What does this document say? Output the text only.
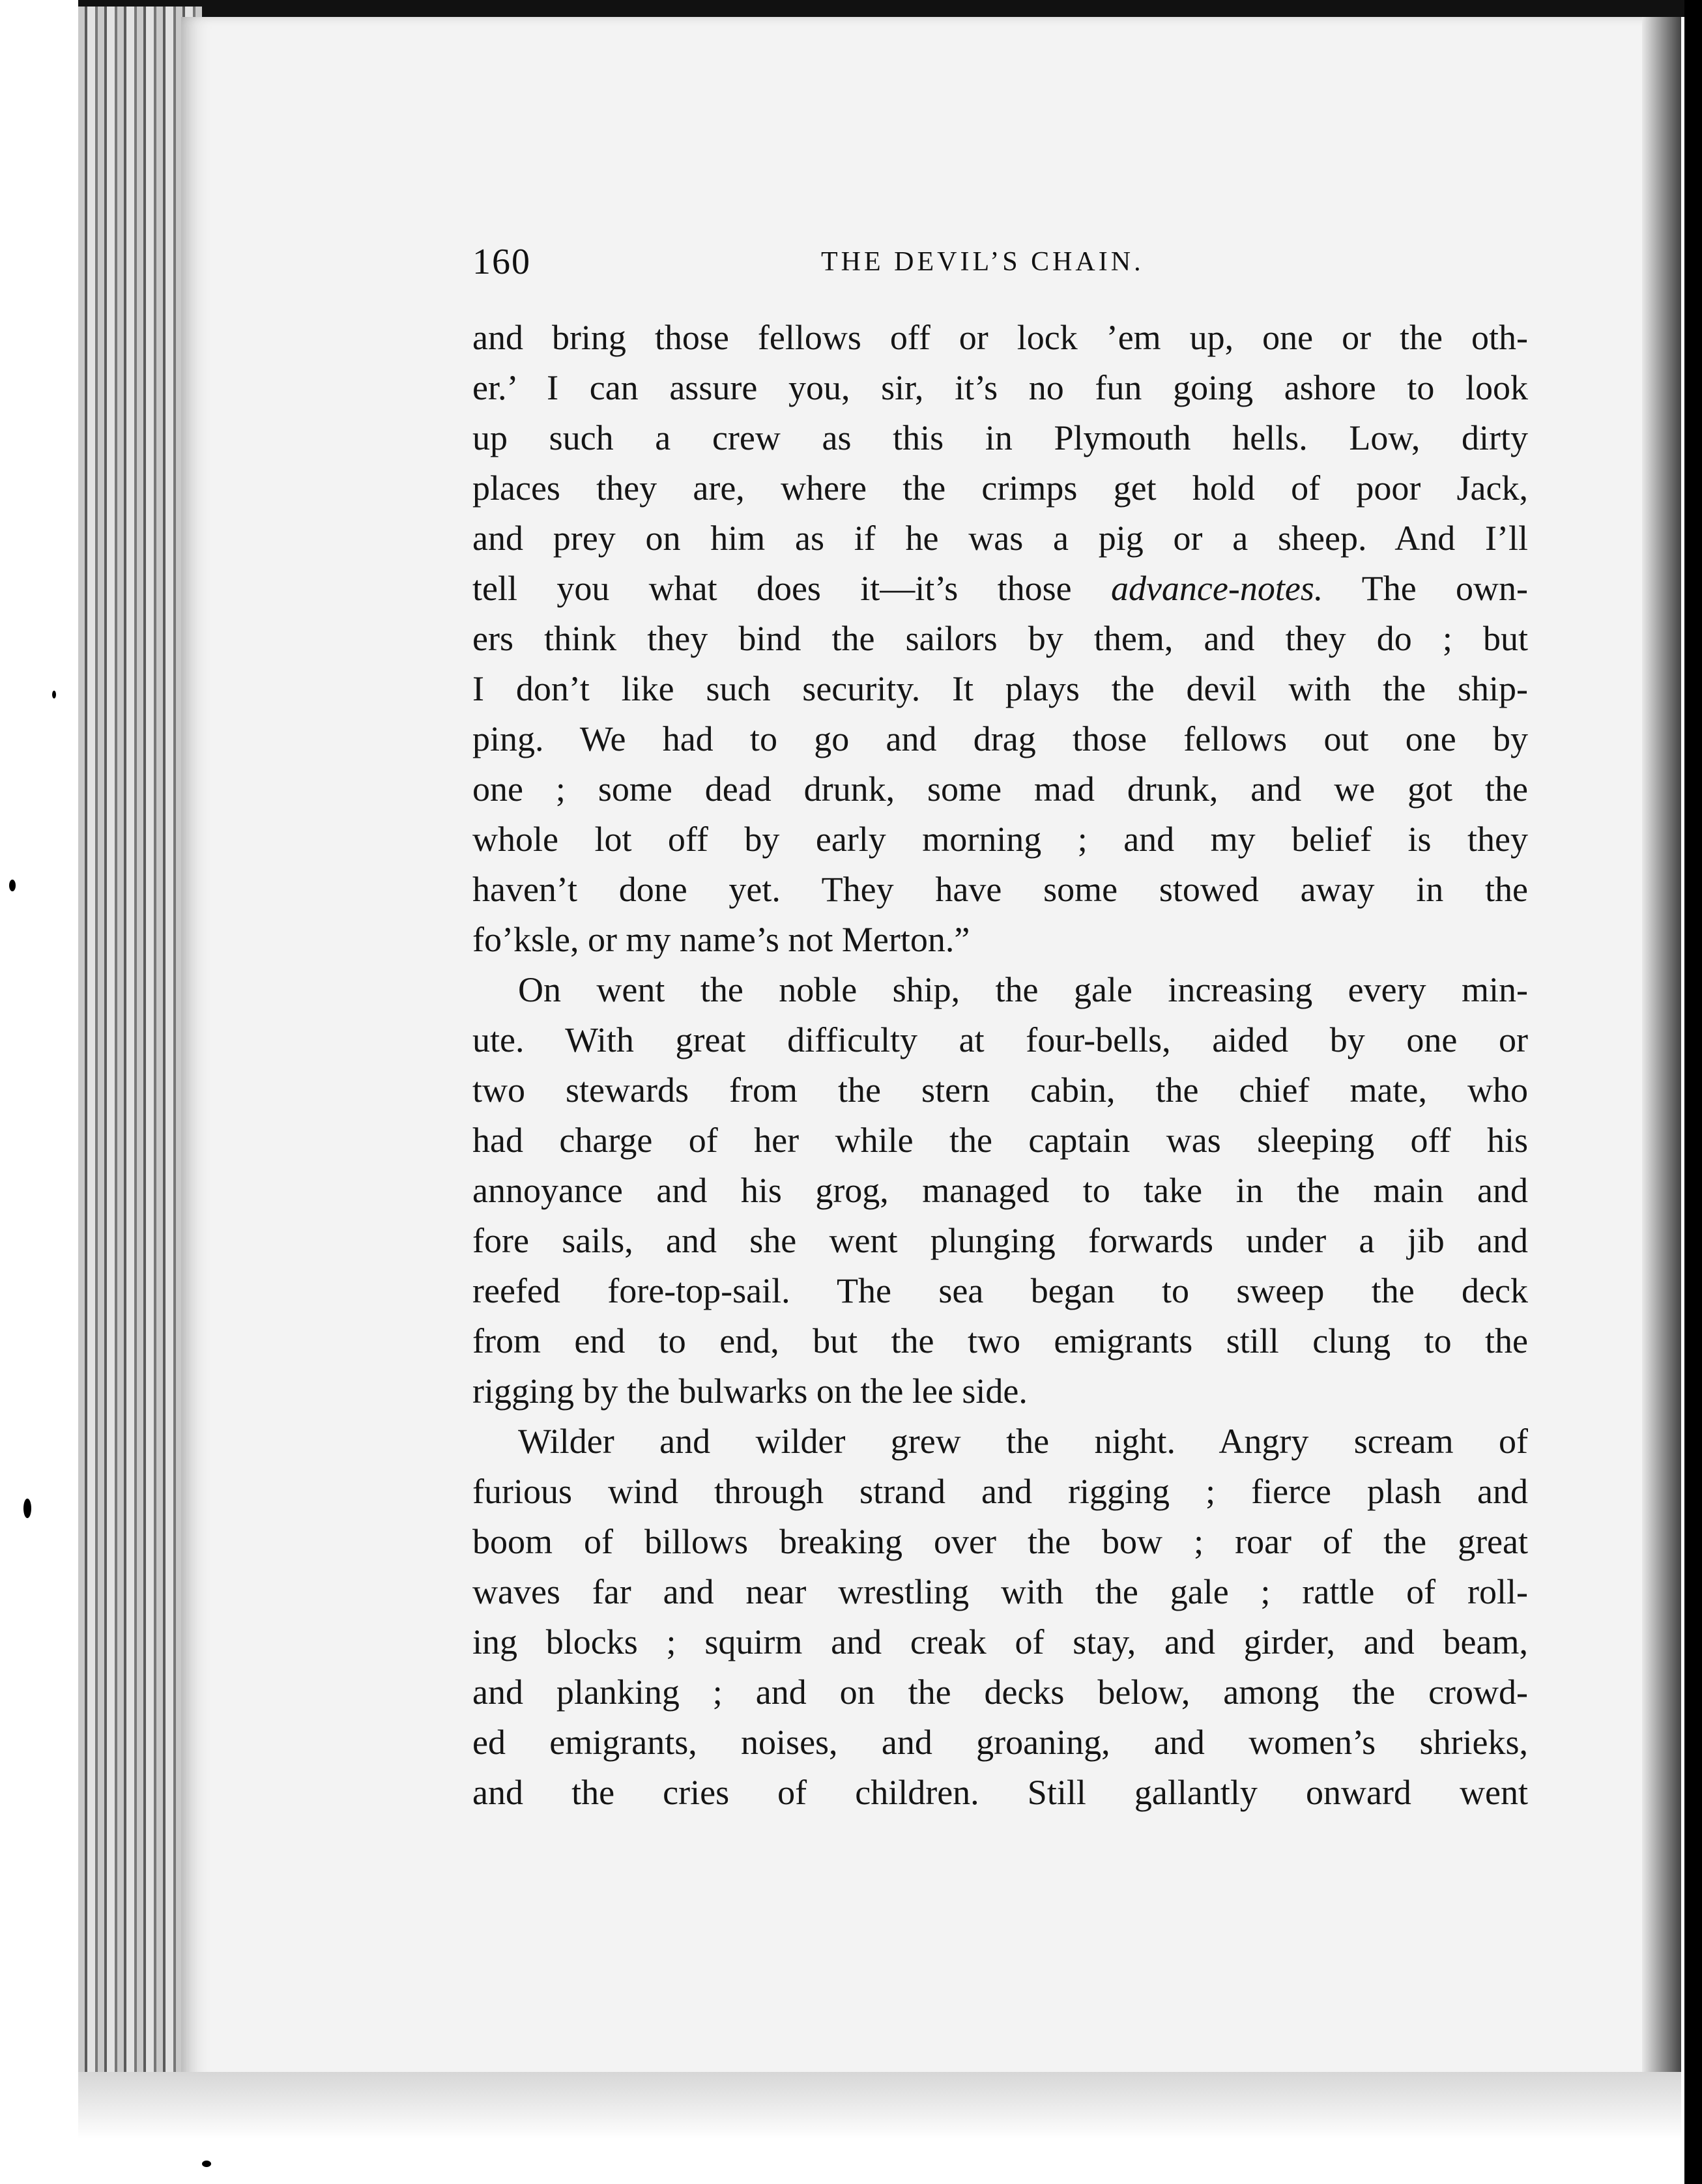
160	THE DEVIL’S CHAIN.
and bring those fellows off or lock ’em up, one or the oth-
er.’ I can assure you, sir, it’s no fun going ashore to look
up such a crew as this in Plymouth hells. Low, dirty
places they are, where the crimps get hold of poor Jack,
and prey on him as if he was a pig or a sheep. And I’ll
tell you what does it—it’s those advance-notes. The own-
ers think they bind the sailors by them, and they do ; but
I don’t like such security. It plays the devil with the ship-
ping. We had to go and drag those fellows out one by
one ; some dead drunk, some mad drunk, and we got the
whole lot off by early morning ; and my belief is they
haven’t done yet. They have some stowed away in the
fo’ksle, or my name’s not Merton.”
On went the noble ship, the gale increasing every min-
ute. With great difficulty at four-bells, aided by one or
two stewards from the stern cabin, the chief mate, who
had charge of her while the captain was sleeping off his
annoyance and his grog, managed to take in the main and
fore sails, and she went plunging forwards under a jib and
reefed fore-top-sail. The sea began to sweep the deck
from end to end, but the two emigrants still clung to the
rigging by the bulwarks on the lee side.
Wilder and wilder grew the night. Angry scream of
furious wind through strand and rigging ; fierce plash and
boom of billows breaking over the bow ; roar of the great
waves far and near wrestling with the gale ; rattle of roll-
ing blocks ; squirm and creak of stay, and girder, and beam,
and planking ; and on the decks below, among the crowd-
ed emigrants, noises, and groaning, and women’s shrieks,
and the cries of children. Still gallantly onward went
